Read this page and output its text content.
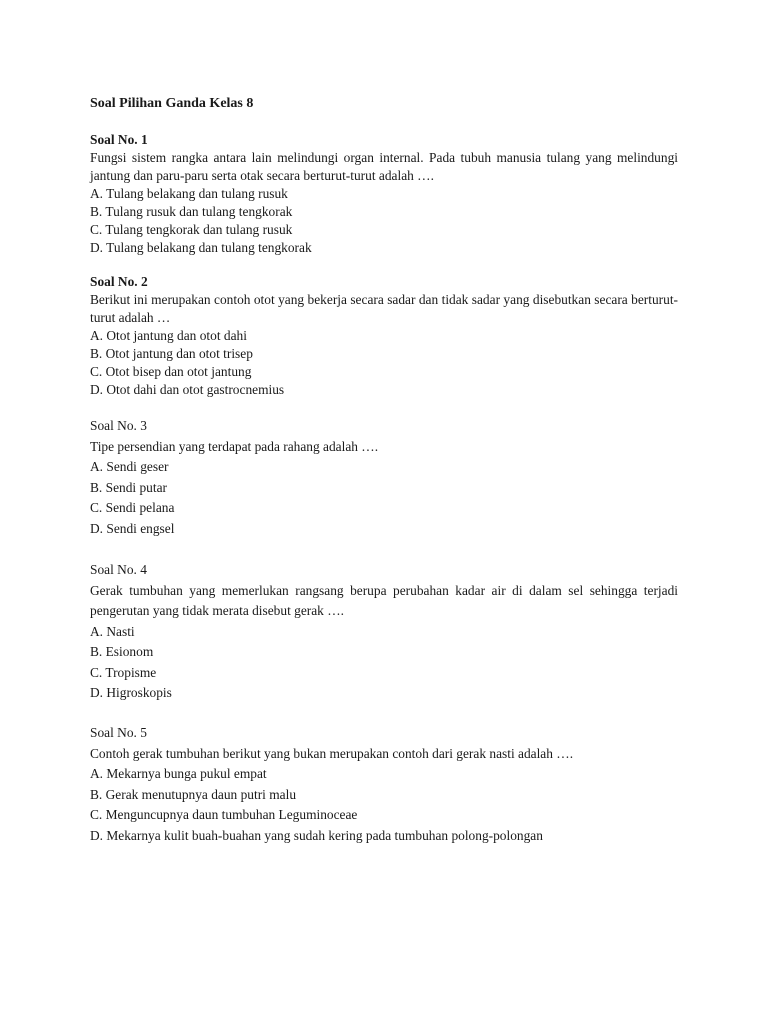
Soal Pilihan Ganda Kelas 8
Soal No. 1
Fungsi sistem rangka antara lain melindungi organ internal. Pada tubuh manusia tulang yang melindungi jantung dan paru-paru serta otak secara berturut-turut adalah ….
A. Tulang belakang dan tulang rusuk
B. Tulang rusuk dan tulang tengkorak
C. Tulang tengkorak dan tulang rusuk
D. Tulang belakang dan tulang tengkorak
Soal No. 2
Berikut ini merupakan contoh otot yang bekerja secara sadar dan tidak sadar yang disebutkan secara berturut-turut adalah …
A. Otot jantung dan otot dahi
B. Otot jantung dan otot trisep
C. Otot bisep dan otot jantung
D. Otot dahi dan otot gastrocnemius
Soal No. 3
Tipe persendian yang terdapat pada rahang adalah ….
A. Sendi geser
B. Sendi putar
C. Sendi pelana
D. Sendi engsel
Soal No. 4
Gerak tumbuhan yang memerlukan rangsang berupa perubahan kadar air di dalam sel sehingga terjadi pengerutan yang tidak merata disebut gerak ….
A. Nasti
B. Esionom
C. Tropisme
D. Higroskopis
Soal No. 5
Contoh gerak tumbuhan berikut yang bukan merupakan contoh dari gerak nasti adalah ….
A. Mekarnya bunga pukul empat
B. Gerak menutupnya daun putri malu
C. Menguncupnya daun tumbuhan Leguminoceae
D. Mekarnya kulit buah-buahan yang sudah kering pada tumbuhan polong-polongan
